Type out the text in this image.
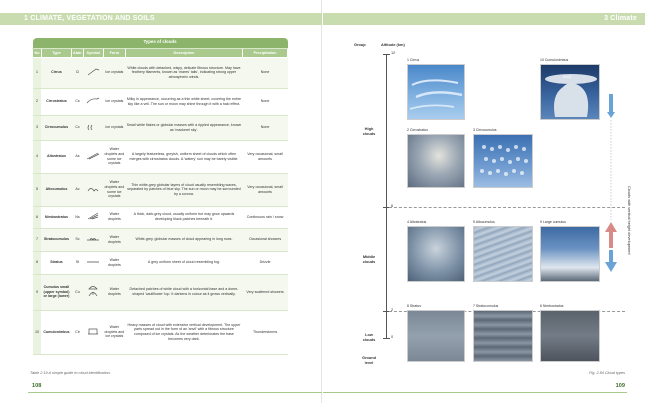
1 CLIMATE, VEGETATION AND SOILS
Types of clouds						
No	Type	Abbr	Symbol	Form	Description	Precipitation
1	Cirrus	Ci		Ice crystals	White clouds with detached, wispy, delicate fibrous structure. May have feathery filaments, known as 'mares' tails', indicating strong upper atmospheric winds.	None
2	Cirrostratus	Cs		Ice crystals	Milky in appearance, occurring as a thin white sheet, covering the entire sky like a veil. The sun or moon may shine through it with a halo effect.	None
3	Cirrocumulus	Cc		Ice crystals	Small white flakes or globular masses with a rippled appearance, known as 'mackerel sky'.	None
4	Altostratus	As		Water droplets and some ice crystals	A largely featureless, greyish, uniform sheet of clouds which often merges with cirrostratus clouds. A 'watery' sun may be barely visible.	Very occasional, small amounts
5	Altocumulus	Ac		Water droplets and some ice crystals	Thin white-grey globular layers of cloud usually resembling waves, separated by patches of blue sky. The sun or moon may be surrounded by a corona.	Very occasional, small amounts
6	Nimbostratus	Ns		Water droplets	A thick, dark-grey cloud, usually uniform but may grow upwards developing black patches beneath it.	Continuous rain / snow
7	Stratocumulus	Sc		Water droplets	White-grey, globular masses of cloud appearing in long rows.	Occasional showers
8	Stratus	St		Water droplets	A grey uniform sheet of cloud resembling fog.	Drizzle
9	Cumulus small (upper symbol) or large (lower)	Cu		Water droplets	Detached patches of white cloud with a horizontal base and a dome-shaped 'cauliflower' top. It darkens in colour as it grows vertically.	Very scattered showers
10	Cumulonimbus	Cb		Water droplets and ice crystals	Heavy masses of cloud with extensive vertical development. The upper parts spread out in the form of an 'anvil' with a fibrous structure composed of ice crystals. As the weather deteriorates the base becomes very dark.	Thunderstorms
Table 2.19 A simple guide to cloud identification.
108
3 Climate
Group	Altitude (km)
12
6
2
0
High clouds
Middle clouds
Low clouds
Ground level
1 Cirrus	10 Cumulonimbus
2 Cirrostratus	3 Cirrocumulus
4 Altostratus	5 Altocumulus	9 Large cumulus
8 Stratus	7 Stratocumulus	6 Nimbostratus
Anvil
Clouds with vertical height development
Fig. 2.84 Cloud types
109
